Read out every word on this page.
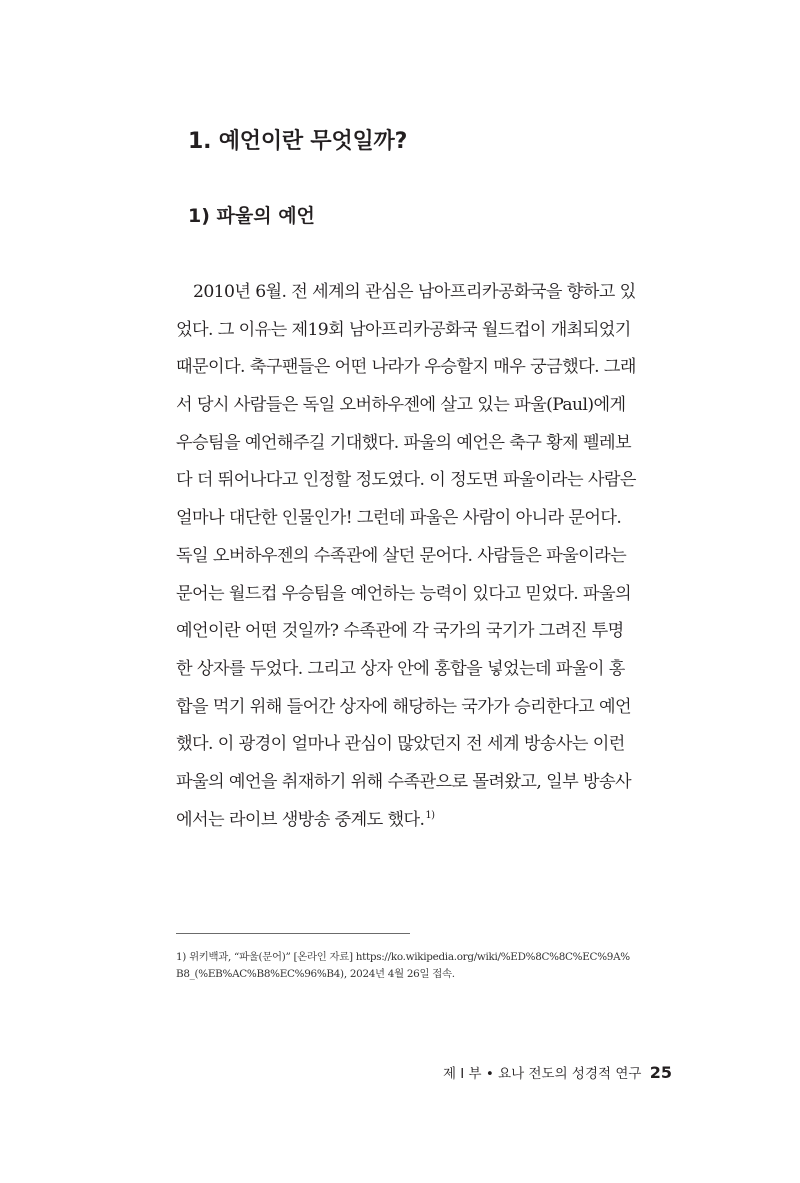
1. 예언이란 무엇일까?
1) 파울의 예언
2010년 6월. 전 세계의 관심은 남아프리카공화국을 향하고 있
었다. 그 이유는 제19회 남아프리카공화국 월드컵이 개최되었기
때문이다. 축구팬들은 어떤 나라가 우승할지 매우 궁금했다. 그래
서 당시 사람들은 독일 오버하우젠에 살고 있는 파울(Paul)에게
우승팀을 예언해주길 기대했다. 파울의 예언은 축구 황제 펠레보
다 더 뛰어나다고 인정할 정도였다. 이 정도면 파울이라는 사람은
얼마나 대단한 인물인가! 그런데 파울은 사람이 아니라 문어다.
독일 오버하우젠의 수족관에 살던 문어다. 사람들은 파울이라는
문어는 월드컵 우승팀을 예언하는 능력이 있다고 믿었다. 파울의
예언이란 어떤 것일까? 수족관에 각 국가의 국기가 그려진 투명
한 상자를 두었다. 그리고 상자 안에 홍합을 넣었는데 파울이 홍
합을 먹기 위해 들어간 상자에 해당하는 국가가 승리한다고 예언
했다. 이 광경이 얼마나 관심이 많았던지 전 세계 방송사는 이런
파울의 예언을 취재하기 위해 수족관으로 몰려왔고, 일부 방송사
에서는 라이브 생방송 중계도 했다.$^{1)}$
1) 위키백과, “파울(문어)” [온라인 자료] https://ko.wikipedia.org/wiki/%ED%8C%8C%EC%9A%
B8_(%EB%AC%B8%EC%96%B4), 2024년 4월 26일 접속.
제 I 부 • 요나 전도의 성경적 연구 25
